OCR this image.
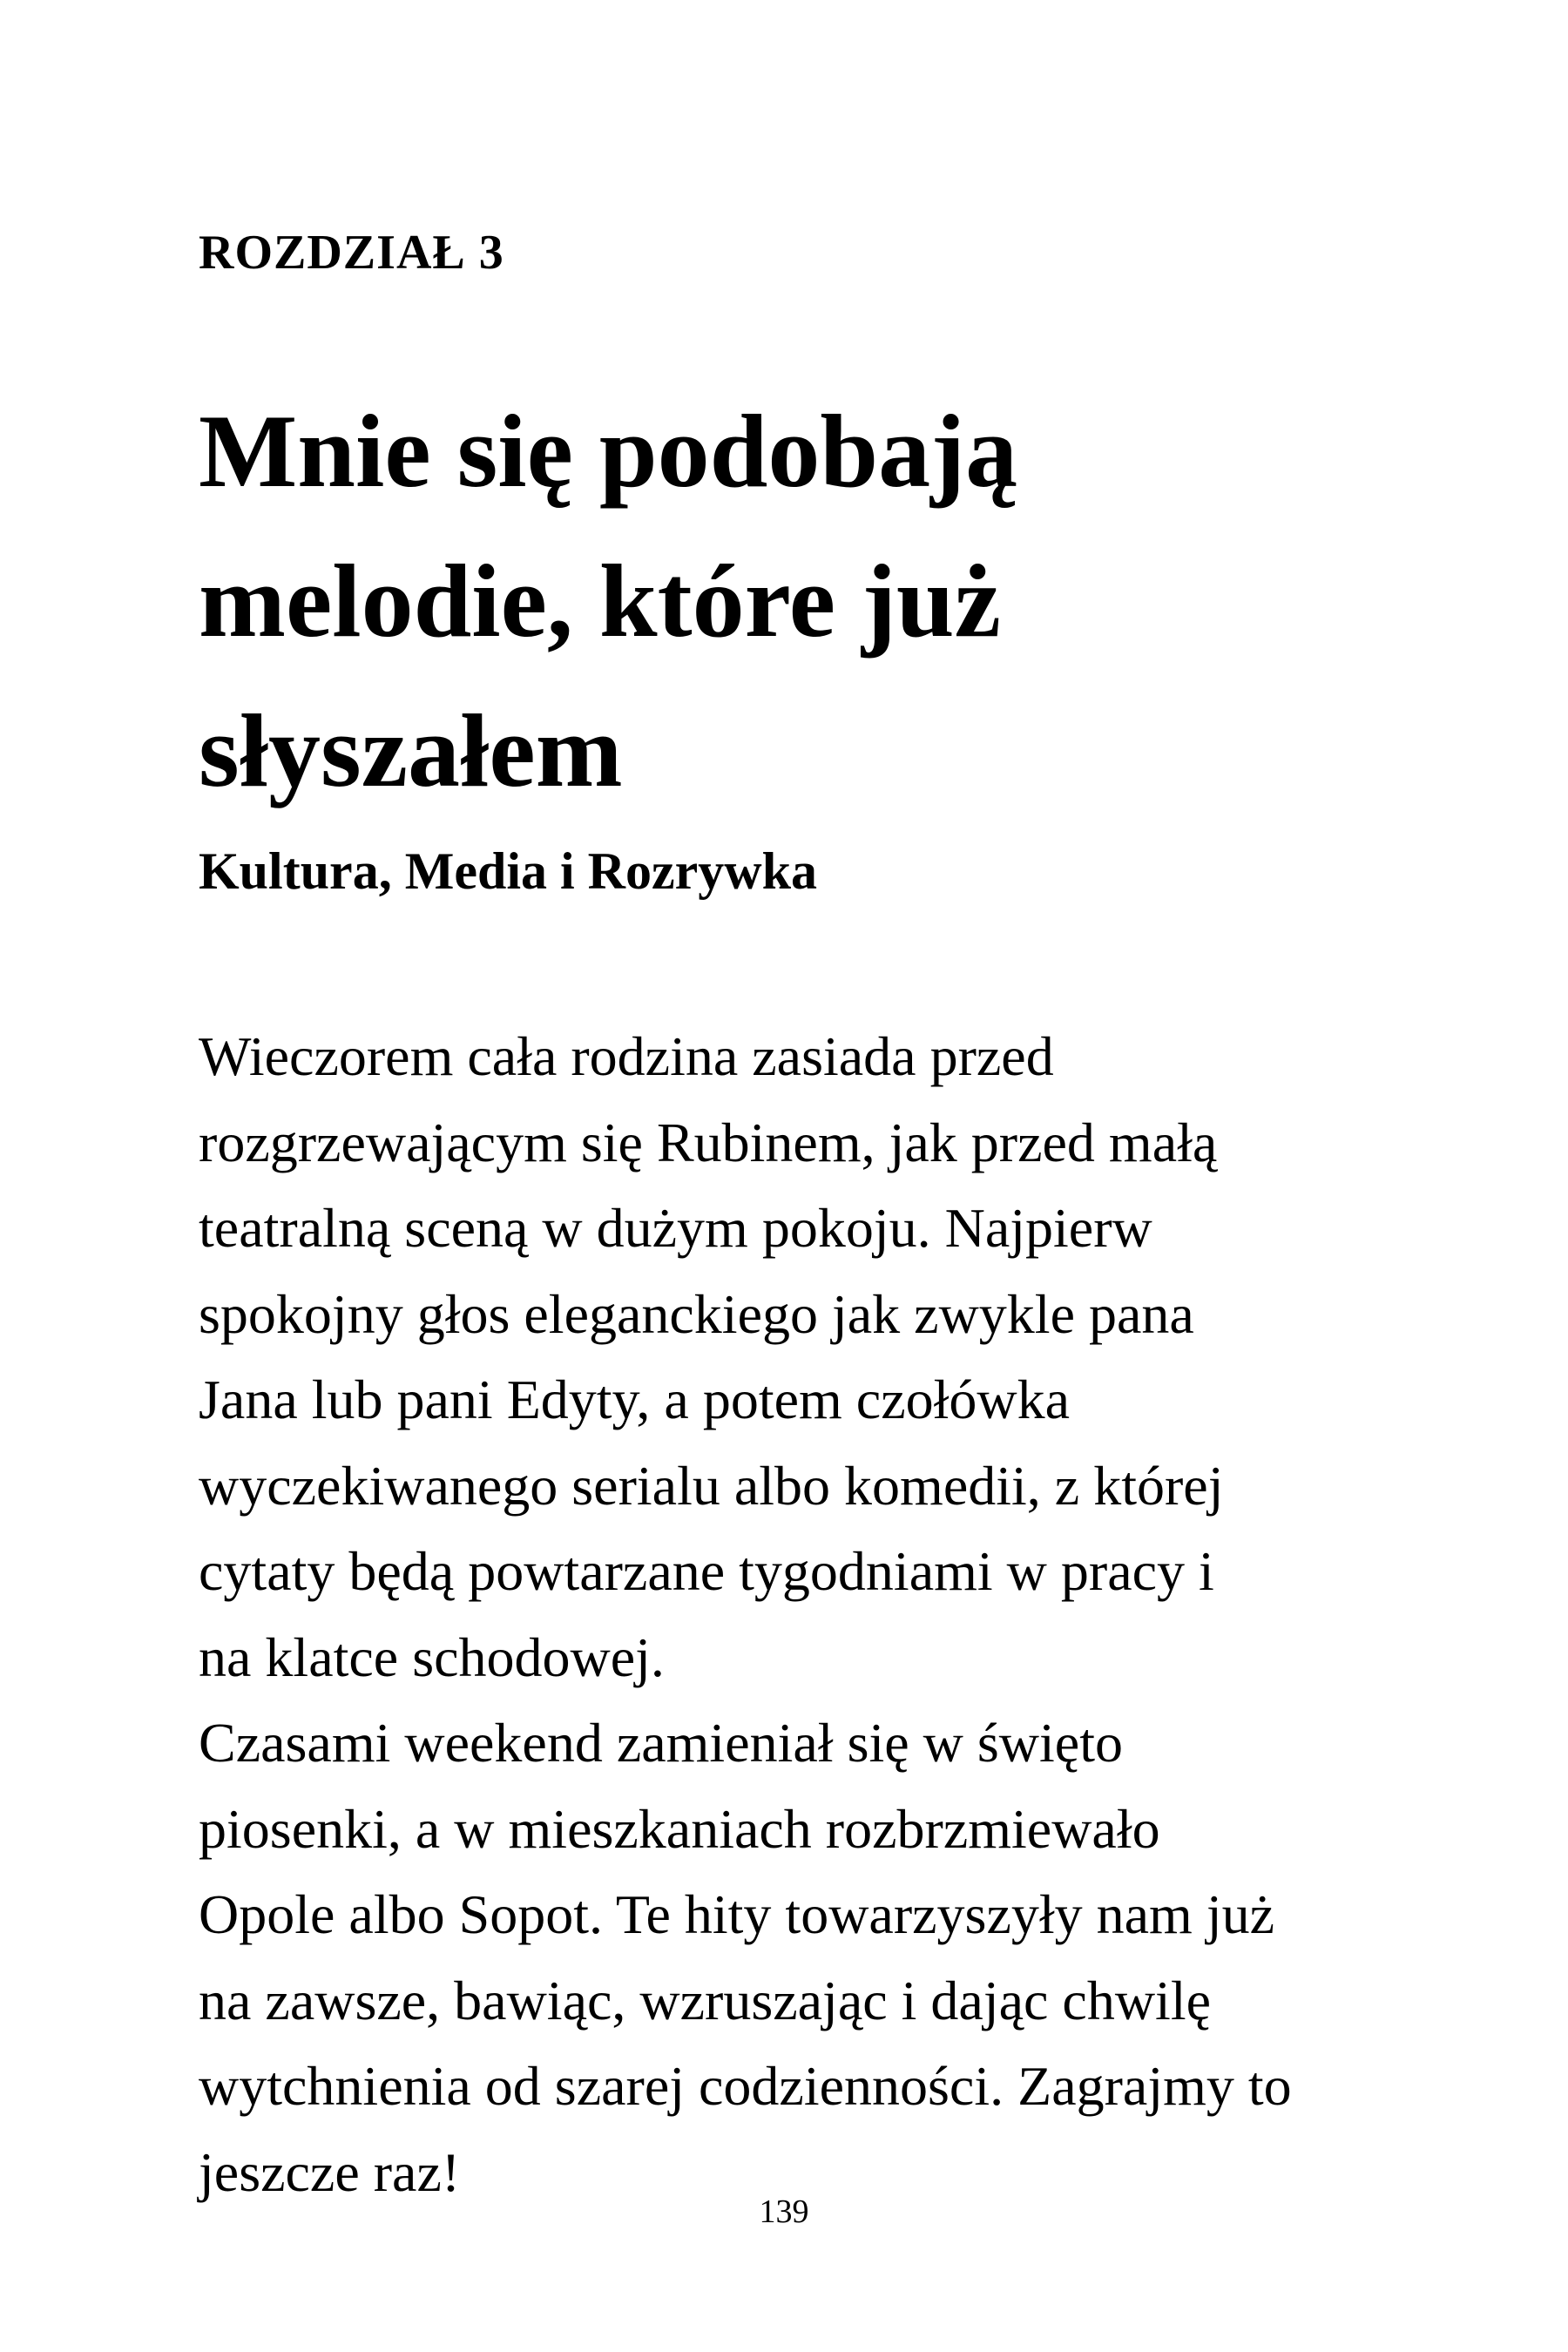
ROZDZIAŁ 3
Mnie się podobają
melodie, które już
słyszałem
Kultura, Media i Rozrywka
Wieczorem cała rodzina zasiada przed
rozgrzewającym się Rubinem, jak przed małą
teatralną sceną w dużym pokoju. Najpierw
spokojny głos eleganckiego jak zwykle pana
Jana lub pani Edyty, a potem czołówka
wyczekiwanego serialu albo komedii, z której
cytaty będą powtarzane tygodniami w pracy i
na klatce schodowej.
Czasami weekend zamieniał się w święto
piosenki, a w mieszkaniach rozbrzmiewało
Opole albo Sopot. Te hity towarzyszyły nam już
na zawsze, bawiąc, wzruszając i dając chwilę
wytchnienia od szarej codzienności. Zagrajmy to
jeszcze raz!
139
